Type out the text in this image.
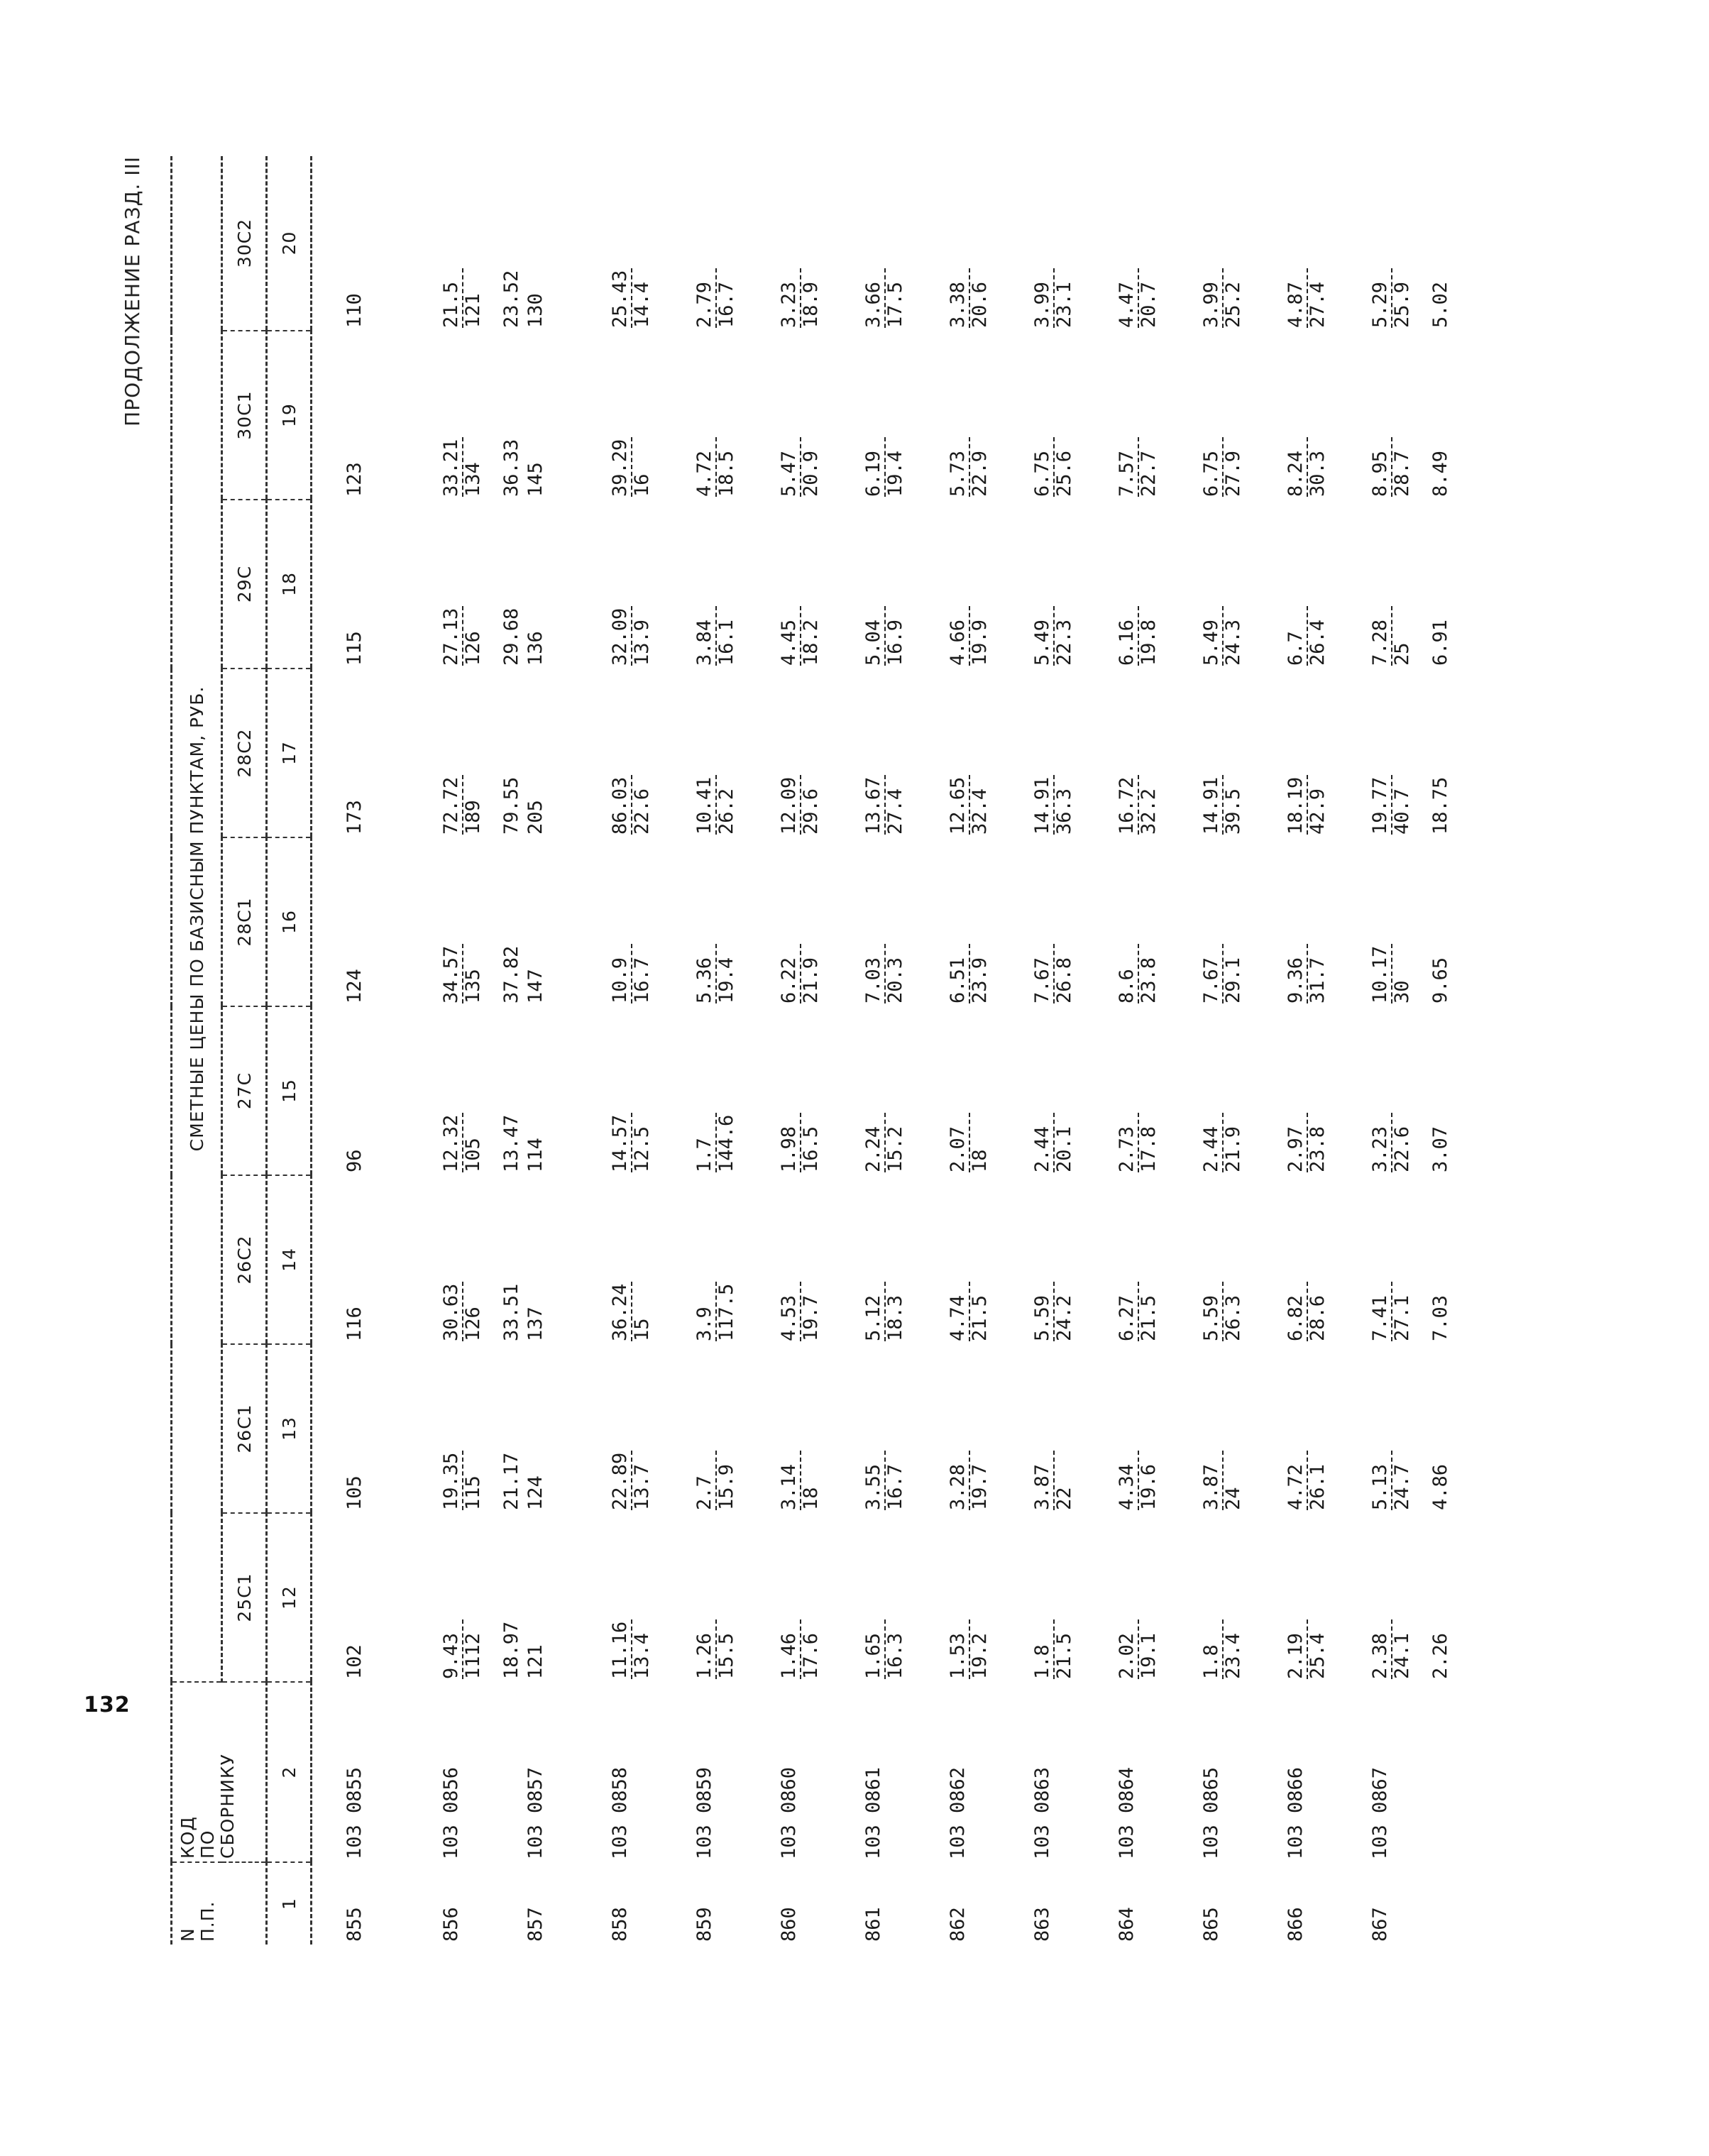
132
ПРОДОЛЖЕНИЕ РАЗД. III
N П.П.	КОД ПО СБОРНИКУ	СМЕТНЫЕ ЦЕНЫ ПО БАЗИСНЫМ ПУНКТАМ, РУБ.								
		25С1	26С1	26С2	27С	28С1	28С2	29С	30С1	30С2
1	2	12	13	14	15	16	17	18	19	20
855	103 0855	102	105	116	96	124	173	115	123	110

856	103 0856	9.43 1112 18.97	19.35 115 21.17	30.63 126 33.51	12.32 105 13.47	34.57 135 37.82	72.72 189 79.55	27.13 126 29.68	33.21 134 36.33	21.5 121 23.52

857	103 0857	121	124	137	114	147	205	136	145	130

858	103 0858	11.16 13.4	22.89 13.7	36.24 15	14.57 12.5	10.9 16.7	86.03 22.6	32.09 13.9	39.29 16	25.43 14.4

859	103 0859	1.26 15.5	2.7 15.9	3.9 117.5	1.7 144.6	5.36 19.4	10.41 26.2	3.84 16.1	4.72 18.5	2.79 16.7

860	103 0860	1.46 17.6	3.14 18	4.53 19.7	1.98 16.5	6.22 21.9	12.09 29.6	4.45 18.2	5.47 20.9	3.23 18.9

861	103 0861	1.65 16.3	3.55 16.7	5.12 18.3	2.24 15.2	7.03 20.3	13.67 27.4	5.04 16.9	6.19 19.4	3.66 17.5

862	103 0862	1.53 19.2	3.28 19.7	4.74 21.5	2.07 18	6.51 23.9	12.65 32.4	4.66 19.9	5.73 22.9	3.38 20.6

863	103 0863	1.8 21.5	3.87 22	5.59 24.2	2.44 20.1	7.67 26.8	14.91 36.3	5.49 22.3	6.75 25.6	3.99 23.1

864	103 0864	2.02 19.1	4.34 19.6	6.27 21.5	2.73 17.8	8.6 23.8	16.72 32.2	6.16 19.8	7.57 22.7	4.47 20.7

865	103 0865	1.8 23.4	3.87 24	5.59 26.3	2.44 21.9	7.67 29.1	14.91 39.5	5.49 24.3	6.75 27.9	3.99 25.2

866	103 0866	2.19 25.4	4.72 26.1	6.82 28.6	2.97 23.8	9.36 31.7	18.19 42.9	6.7 26.4	8.24 30.3	4.87 27.4

867	103 0867	2.38 24.1 2.26	5.13 24.7 4.86	7.41 27.1 7.03	3.23 22.6 3.07	10.17 30 9.65	19.77 40.7 18.75	7.28 25 6.91	8.95 28.7 8.49	5.29 25.9 5.02
